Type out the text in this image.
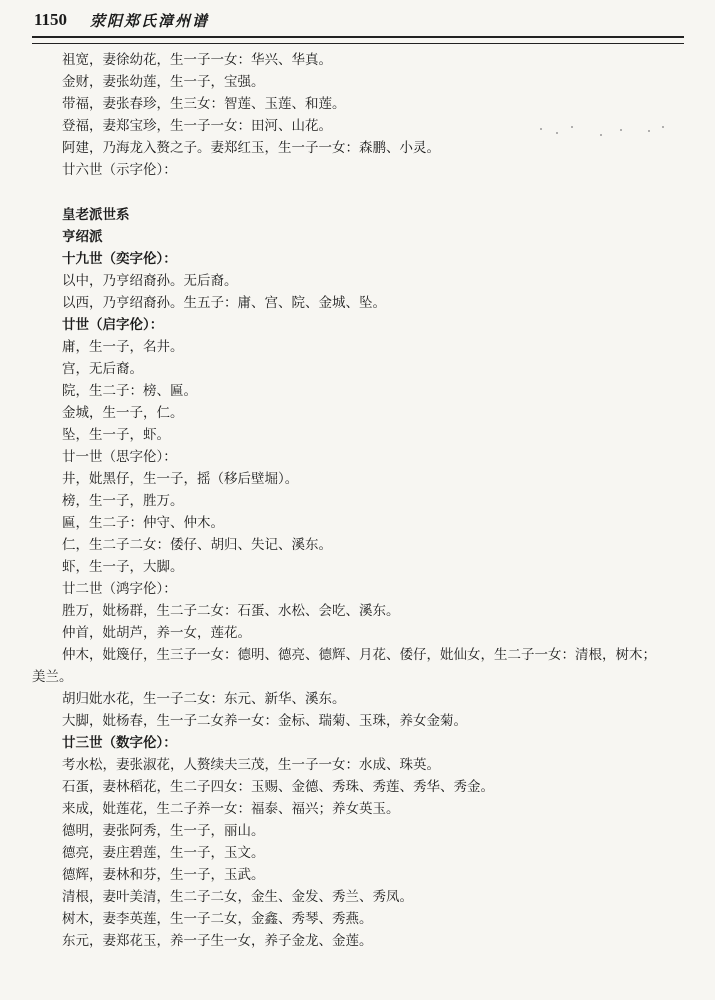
1150 荥阳郑氏漳州谱
祖宽，妻徐幼花，生一子一女：华兴、华真。
金财，妻张幼莲，生一子，宝强。
带福，妻张春珍，生三女：智莲、玉莲、和莲。
登福，妻郑宝珍，生一子一女：田河、山花。
阿建，乃海龙入赘之子。妻郑红玉，生一子一女：森鹏、小灵。
廿六世（示字伦）：
皇老派世系
亨绍派
十九世（奕字伦）：
以中，乃亨绍裔孙。无后裔。
以西，乃亨绍裔孙。生五子：庸、宫、院、金城、坠。
廿世（启字伦）：
庸，生一子，名井。
宫，无后裔。
院，生二子：榜、匾。
金城，生一子，仁。
坠，生一子，虾。
廿一世（思字伦）：
井，妣黑仔，生一子，摇（移后壁堀）。
榜，生一子，胜万。
匾，生二子：仲守、仲木。
仁，生二子二女：倭仔、胡归、失记、溪东。
虾，生一子，大脚。
廿二世（鸿字伦）：
胜万，妣杨群，生二子二女：石蛋、水松、会吃、溪东。
仲首，妣胡芦，养一女，莲花。
仲木，妣篾仔，生三子一女：德明、德亮、德辉、月花、倭仔，妣仙女，生二子一女：清根，树木；
美兰。
胡归妣水花，生一子二女：东元、新华、溪东。
大脚，妣杨春，生一子二女养一女：金标、瑞菊、玉珠，养女金菊。
廿三世（数字伦）：
考水松，妻张淑花，人赘续夫三茂，生一子一女：水成、珠英。
石蛋，妻林稻花，生二子四女：玉赐、金德、秀珠、秀莲、秀华、秀金。
来成，妣莲花，生二子养一女：福泰、福兴；养女英玉。
德明，妻张阿秀，生一子，丽山。
德亮，妻庄碧莲，生一子，玉文。
德辉，妻林和芬，生一子，玉武。
清根，妻叶美清，生二子二女，金生、金发、秀兰、秀凤。
树木，妻李英莲，生一子二女，金鑫、秀琴、秀燕。
东元，妻郑花玉，养一子生一女，养子金龙、金莲。
